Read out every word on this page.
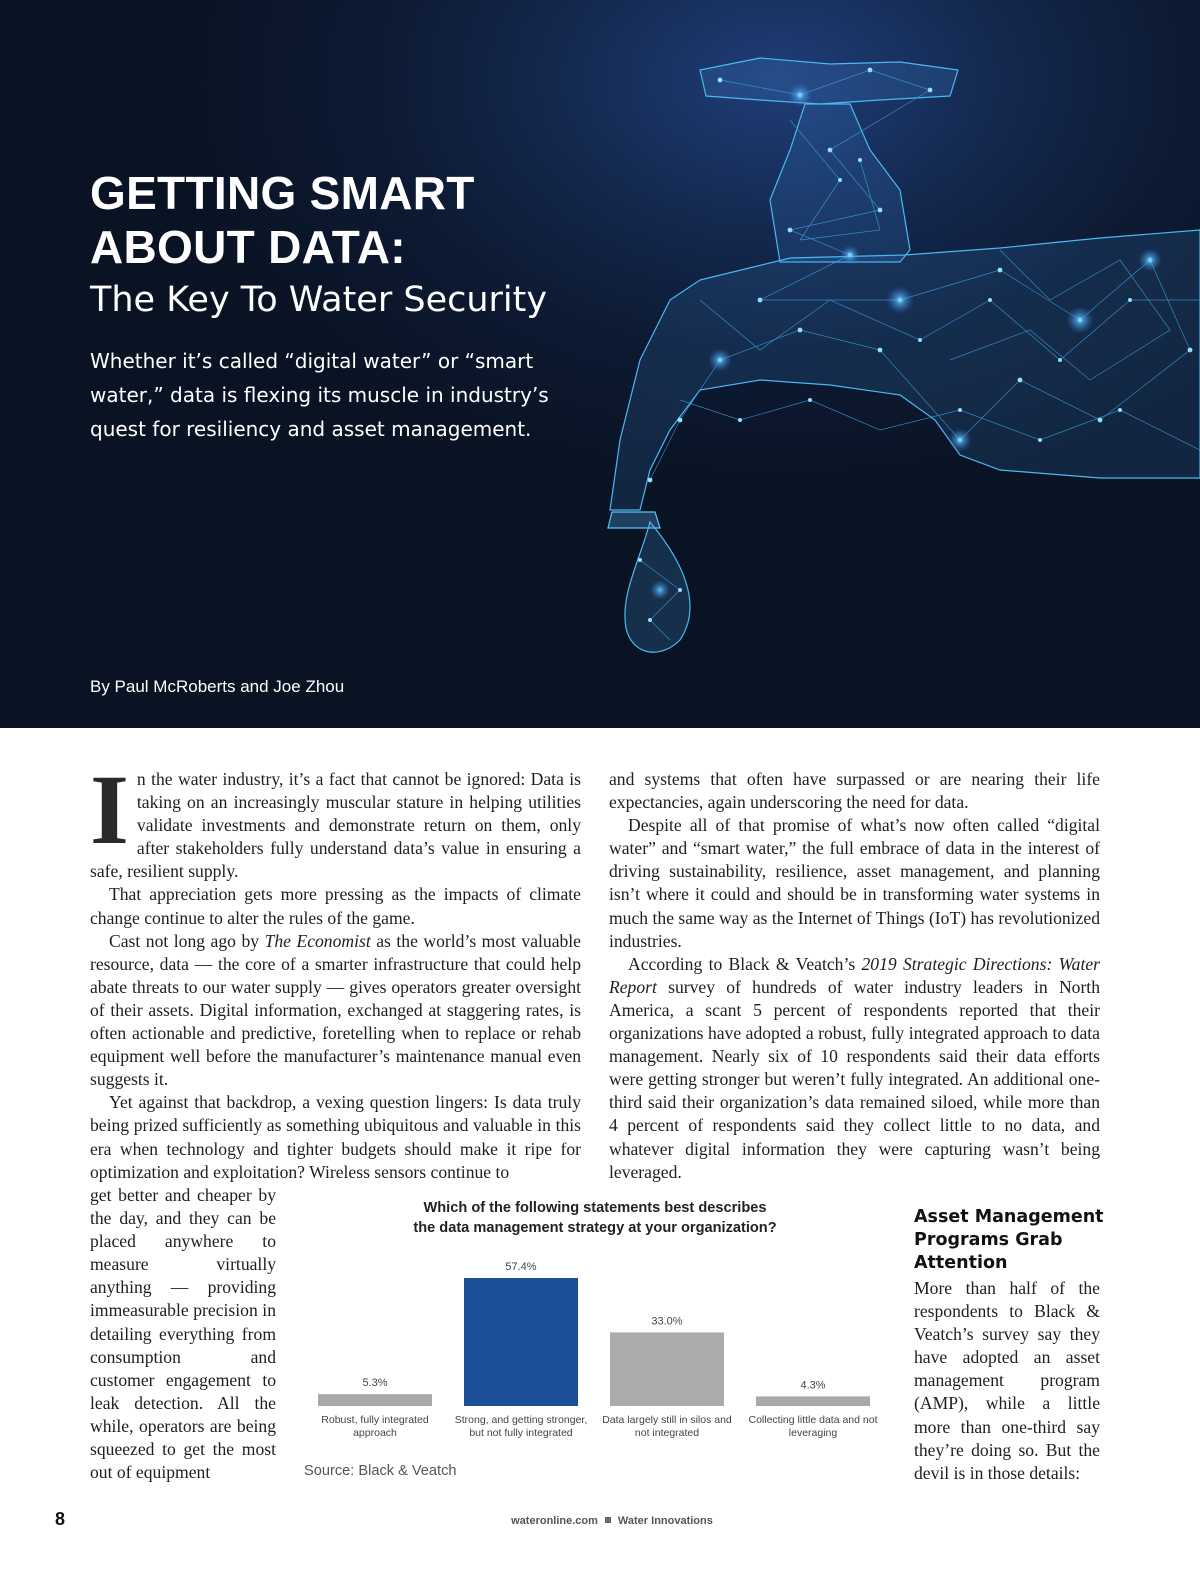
GETTING SMART
ABOUT DATA:
The Key To Water Security

Whether it’s called “digital water” or “smart water,” data is flexing its muscle in industry’s quest for resiliency and asset management.

By Paul McRoberts and Joe Zhou

In the water industry, it’s a fact that cannot be ignored: Data is taking on an increasingly muscular stature in helping utilities validate investments and demonstrate return on them, only after stakeholders fully understand data’s value in ensuring a safe, resilient supply.

That appreciation gets more pressing as the impacts of climate change continue to alter the rules of the game.

Cast not long ago by The Economist as the world’s most valuable resource, data — the core of a smarter infrastructure that could help abate threats to our water supply — gives operators greater oversight of their assets. Digital information, exchanged at staggering rates, is often actionable and predictive, foretelling when to replace or rehab equipment well before the manufacturer’s maintenance manual even suggests it.

Yet against that backdrop, a vexing question lingers: Is data truly being prized sufficiently as something ubiquitous and valuable in this era when technology and tighter budgets should make it ripe for optimization and exploitation? Wireless sensors continue to

get better and cheaper by the day, and they can be placed anywhere to measure virtually anything — providing immeasurable precision in detailing everything from consumption and customer engagement to leak detection. All the while, operators are being squeezed to get the most out of equipment

and systems that often have surpassed or are nearing their life expectancies, again underscoring the need for data.

Despite all of that promise of what’s now often called “digital water” and “smart water,” the full embrace of data in the interest of driving sustainability, resilience, asset management, and planning isn’t where it could and should be in transforming water systems in much the same way as the Internet of Things (IoT) has revolutionized industries.

According to Black & Veatch’s 2019 Strategic Directions: Water Report survey of hundreds of water industry leaders in North America, a scant 5 percent of respondents reported that their organizations have adopted a robust, fully integrated approach to data management. Nearly six of 10 respondents said their data efforts were getting stronger but weren’t fully integrated. An additional one-third said their organization’s data remained siloed, while more than 4 percent of respondents said they collect little to no data, and whatever digital information they were capturing wasn’t being leveraged.

Asset Management
Programs Grab
Attention

More than half of the respondents to Black & Veatch’s survey say they have adopted an asset management program (AMP), while a little more than one-third say they’re doing so. But the devil is in those details:

Which of the following statements best describes
the data management strategy at your organization?
5.3%
Robust, fully integrated
approach
57.4%
Strong, and getting stronger,
but not fully integrated
33.0%
Data largely still in silos and
not integrated
4.3%
Collecting little data and not
leveraging
Source: Black & Veatch
8	wateronline.com Water Innovations
